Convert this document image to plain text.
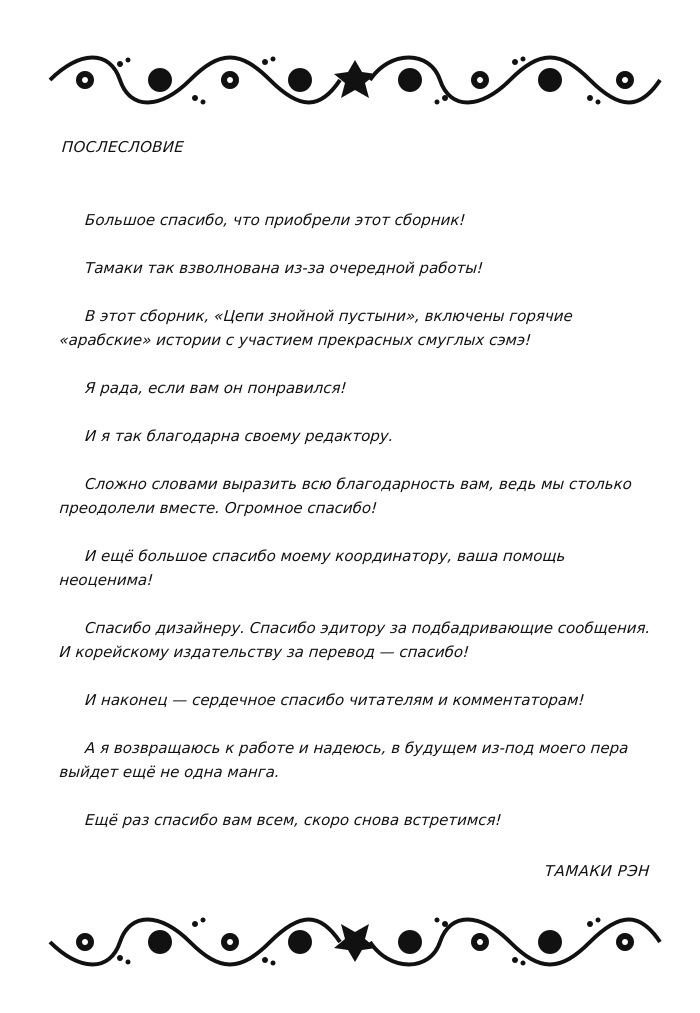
ПОСЛЕСЛОВИЕ

Большое спасибо, что приобрели этот сборник!

Тамаки так взволнована из-за очередной работы!

В этот сборник, «Цепи знойной пустыни», включены горячие «арабские» истории с участием прекрасных смуглых сэмэ!

Я рада, если вам он понравился!

И я так благодарна своему редактору.

Сложно словами выразить всю благодарность вам, ведь мы столько преодолели вместе. Огромное спасибо!

И ещё большое спасибо моему координатору, ваша помощь неоценима!

Спасибо дизайнеру. Спасибо эдитору за подбадривающие сообщения. И корейскому издательству за перевод — спасибо!

И наконец — сердечное спасибо читателям и комментаторам!

А я возвращаюсь к работе и надеюсь, в будущем из-под моего пера выйдет ещё не одна манга.

Ещё раз спасибо вам всем, скоро снова встретимся!

ТАМАКИ РЭН
